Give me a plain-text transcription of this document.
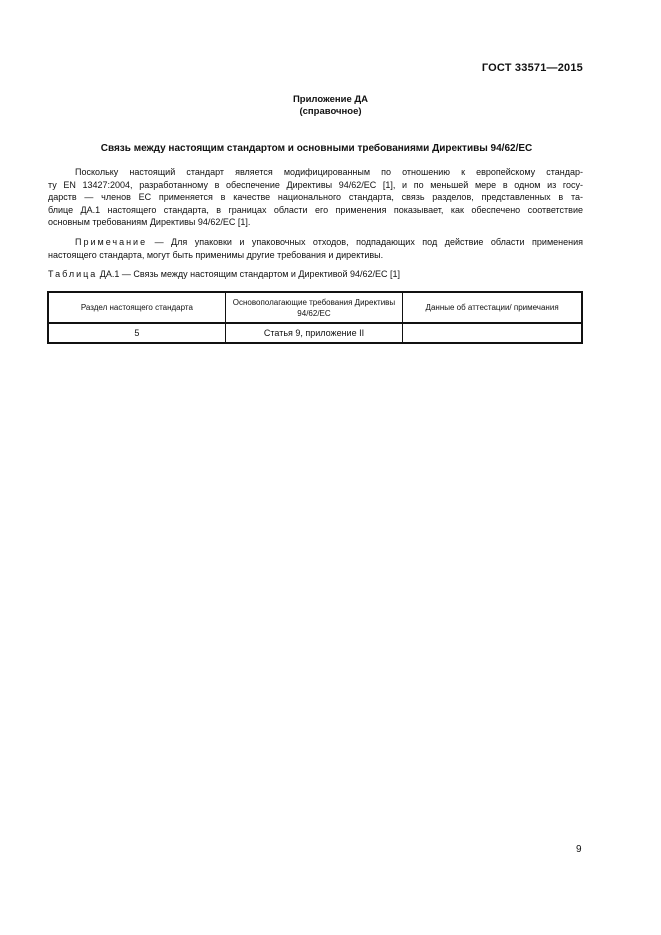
ГОСТ 33571—2015
Приложение ДА
(справочное)
Связь между настоящим стандартом и основными требованиями Директивы 94/62/ЕС
Поскольку настоящий стандарт является модифицированным по отношению к европейскому стандар-
ту EN 13427:2004, разработанному в обеспечение Директивы 94/62/ЕС [1], и по меньшей мере в одном из госу-
дарств — членов ЕС применяется в качестве национального стандарта, связь разделов, представленных в та-
блице ДА.1 настоящего стандарта, в границах области его применения показывает, как обеспечено соответствие
основным требованиям Директивы 94/62/ЕС [1].
Примечание — Для упаковки и упаковочных отходов, подпадающих под действие области применения
настоящего стандарта, могут быть применимы другие требования и директивы.
Таблица ДА.1 — Связь между настоящим стандартом и Директивой 94/62/ЕС [1]
Раздел настоящего стандарта	Основополагающие требования Директивы 94/62/ЕС	Данные об аттестации/ примечания
5	Статья 9, приложение II	
9
